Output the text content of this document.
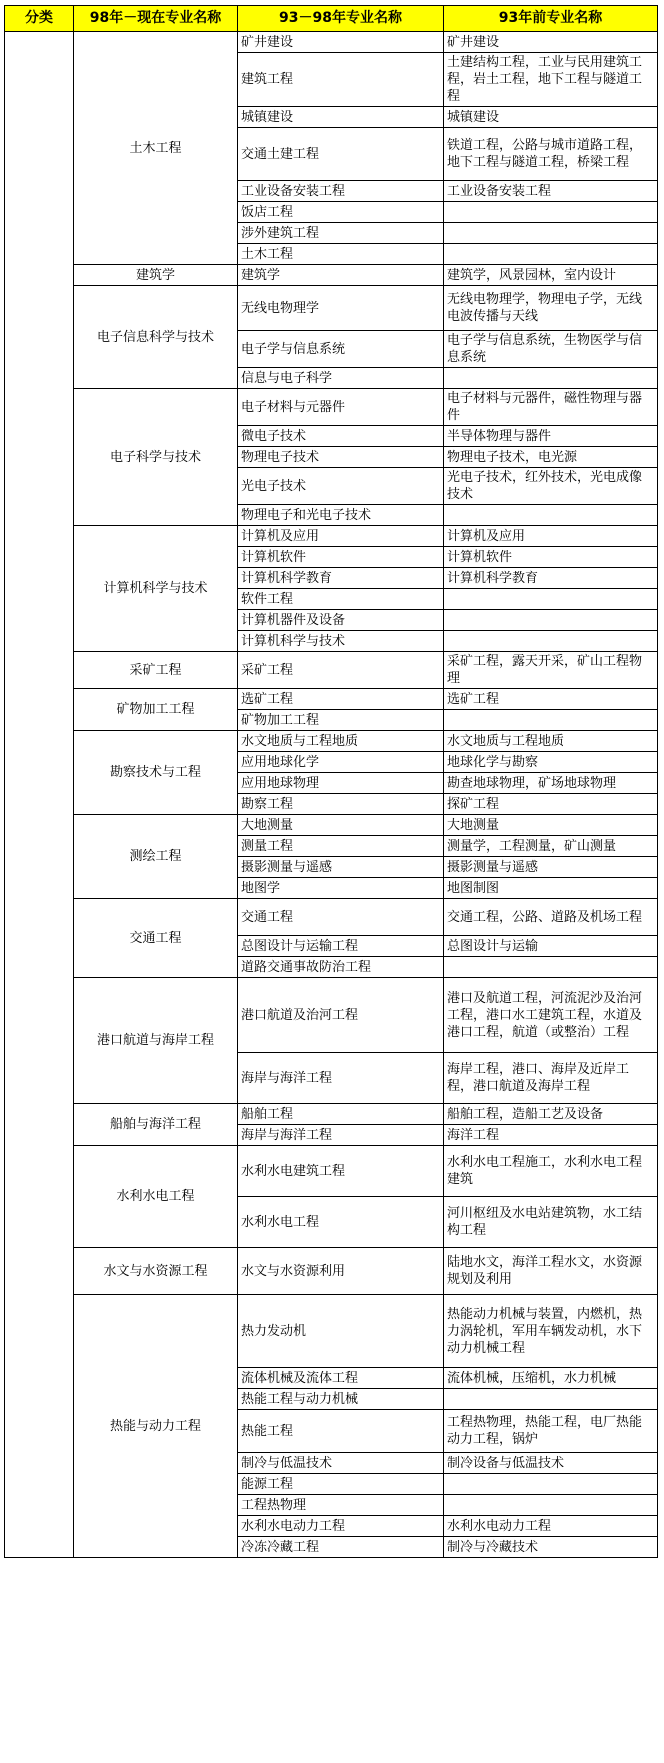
分类	98年－现在专业名称	93－98年专业名称	93年前专业名称
	土木工程	矿井建设	矿井建设
		建筑工程	土建结构工程，工业与民用建筑工程，岩土工程，地下工程与隧道工程
		城镇建设	城镇建设
		交通土建工程	铁道工程，公路与城市道路工程，地下工程与隧道工程，桥梁工程
		工业设备安装工程	工业设备安装工程
		饭店工程	
		涉外建筑工程	
		土木工程	
	建筑学	建筑学	建筑学，风景园林，室内设计
	电子信息科学与技术	无线电物理学	无线电物理学，物理电子学，无线电波传播与天线
		电子学与信息系统	电子学与信息系统，生物医学与信息系统
		信息与电子科学	
	电子科学与技术	电子材料与元器件	电子材料与元器件，磁性物理与器件
		微电子技术	半导体物理与器件
		物理电子技术	物理电子技术，电光源
		光电子技术	光电子技术，红外技术，光电成像技术
		物理电子和光电子技术	
	计算机科学与技术	计算机及应用	计算机及应用
		计算机软件	计算机软件
		计算机科学教育	计算机科学教育
		软件工程	
		计算机器件及设备	
		计算机科学与技术	
	采矿工程	采矿工程	采矿工程，露天开采，矿山工程物理
	矿物加工工程	选矿工程	选矿工程
		矿物加工工程	
	勘察技术与工程	水文地质与工程地质	水文地质与工程地质
		应用地球化学	地球化学与勘察
		应用地球物理	勘查地球物理，矿场地球物理
		勘察工程	探矿工程
	测绘工程	大地测量	大地测量
		测量工程	测量学，工程测量，矿山测量
		摄影测量与遥感	摄影测量与遥感
		地图学	地图制图
	交通工程	交通工程	交通工程，公路、道路及机场工程
		总图设计与运输工程	总图设计与运输
		道路交通事故防治工程	
	港口航道与海岸工程	港口航道及治河工程	港口及航道工程，河流泥沙及治河工程，港口水工建筑工程，水道及港口工程，航道（或整治）工程
		海岸与海洋工程	海岸工程，港口、海岸及近岸工程，港口航道及海岸工程
	船舶与海洋工程	船舶工程	船舶工程，造船工艺及设备
		海岸与海洋工程	海洋工程
	水利水电工程	水利水电建筑工程	水利水电工程施工，水利水电工程建筑
		水利水电工程	河川枢纽及水电站建筑物，水工结构工程
	水文与水资源工程	水文与水资源利用	陆地水文，海洋工程水文，水资源规划及利用
	热能与动力工程	热力发动机	热能动力机械与装置，内燃机，热力涡轮机，军用车辆发动机，水下动力机械工程
		流体机械及流体工程	流体机械，压缩机，水力机械
		热能工程与动力机械	
		热能工程	工程热物理，热能工程，电厂热能动力工程，锅炉
		制冷与低温技术	制冷设备与低温技术
		能源工程	
		工程热物理	
		水利水电动力工程	水利水电动力工程
		冷冻冷藏工程	制冷与冷藏技术
